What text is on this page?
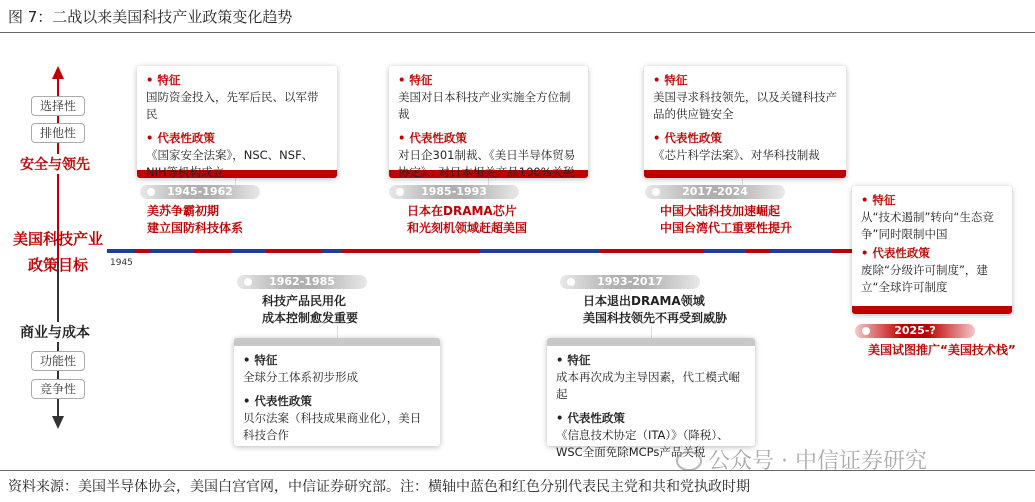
图 7：二战以来美国科技产业政策变化趋势
选择性
排他性
安全与领先
美国科技产业政策目标
商业与成本
功能性
竞争性
1945
• 特征
国防资金投入，先军后民、以军带民
• 代表性政策
《国家安全法案》，NSC、NSF、NIH等机构成立
1945-1962
美苏争霸初期
建立国防科技体系
• 特征
美国对日本科技产业实施全方位制裁
• 代表性政策
对日企301制裁、《美日半导体贸易协定》、对日本相关产品100%关税
1985-1993
日本在DRAMA芯片
和光刻机领域赶超美国
• 特征
美国寻求科技领先，以及关键科技产品的供应链安全
• 代表性政策
《芯片科学法案》、对华科技制裁
2017-2024
中国大陆科技加速崛起
中国台湾代工重要性提升
1962-1985
科技产品民用化
成本控制愈发重要
• 特征
全球分工体系初步形成
• 代表性政策
贝尔法案（科技成果商业化），美日科技合作
1993-2017
日本退出DRAMA领域
美国科技领先不再受到威胁
• 特征
成本再次成为主导因素，代工模式崛起
• 代表性政策
《信息技术协定（ITA）》（降税）、WSC全面免除MCPs产品关税
• 特征
从“技术遏制”转向“生态竞争”同时限制中国
• 代表性政策
废除“分级许可制度”，建立“全球许可制度
2025-?
美国试图推广“美国技术栈”
公众号 · 中信证券研究
资料来源：美国半导体协会，美国白宫官网，中信证券研究部。注：横轴中蓝色和红色分别代表民主党和共和党执政时期
